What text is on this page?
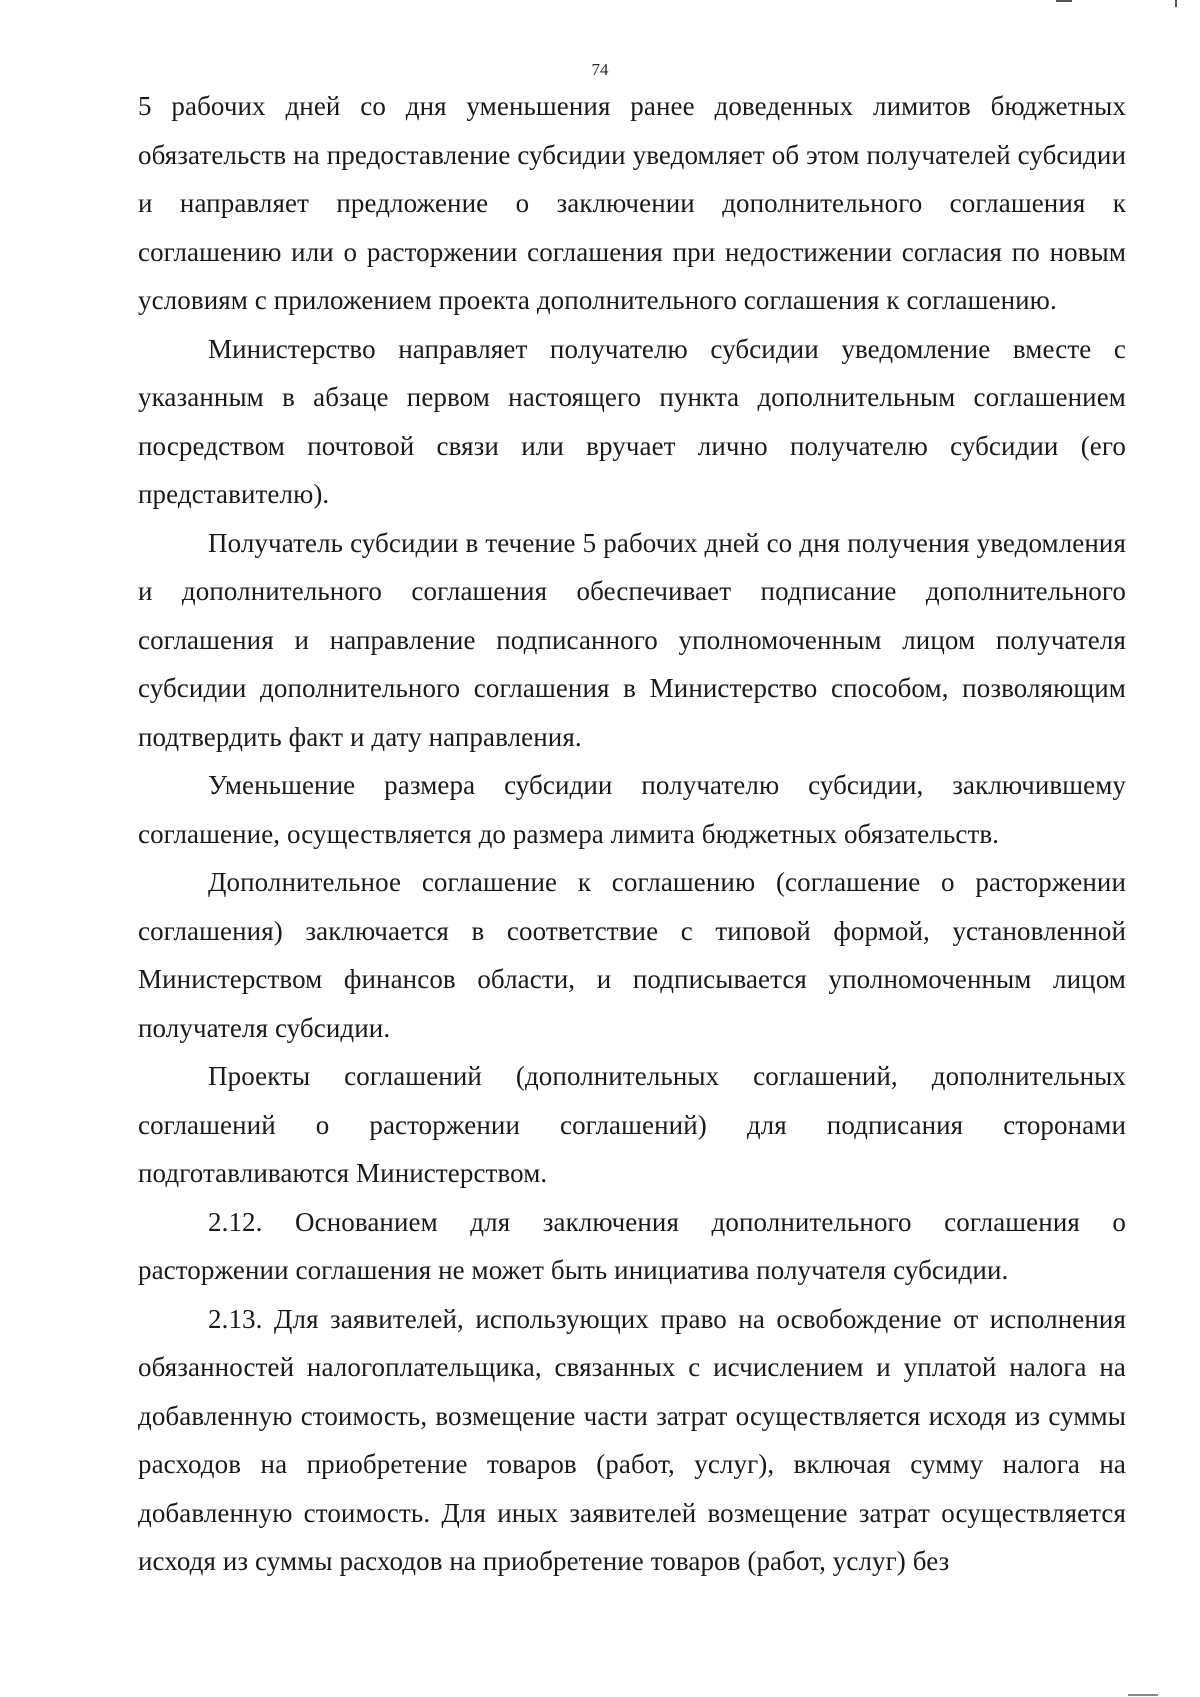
74

5 рабочих дней со дня уменьшения ранее доведенных лимитов бюджетных обязательств на предоставление субсидии уведомляет об этом получателей субсидии и направляет предложение о заключении дополнительного соглашения к соглашению или о расторжении соглашения при недостижении согласия по новым условиям с приложением проекта дополнительного соглашения к соглашению.

Министерство направляет получателю субсидии уведомление вместе с указанным в абзаце первом настоящего пункта дополнительным соглашением посредством почтовой связи или вручает лично получателю субсидии (его представителю).

Получатель субсидии в течение 5 рабочих дней со дня получения уведомления и дополнительного соглашения обеспечивает подписание дополнительного соглашения и направление подписанного уполномоченным лицом получателя субсидии дополнительного соглашения в Министерство способом, позволяющим подтвердить факт и дату направления.

Уменьшение размера субсидии получателю субсидии, заключившему соглашение, осуществляется до размера лимита бюджетных обязательств.

Дополнительное соглашение к соглашению (соглашение о расторжении соглашения) заключается в соответствие с типовой формой, установленной Министерством финансов области, и подписывается уполномоченным лицом получателя субсидии.

Проекты соглашений (дополнительных соглашений, дополнительных соглашений о расторжении соглашений) для подписания сторонами подготавливаются Министерством.

2.12. Основанием для заключения дополнительного соглашения о расторжении соглашения не может быть инициатива получателя субсидии.

2.13. Для заявителей, использующих право на освобождение от исполнения обязанностей налогоплательщика, связанных с исчислением и уплатой налога на добавленную стоимость, возмещение части затрат осуществляется исходя из суммы расходов на приобретение товаров (работ, услуг), включая сумму налога на добавленную стоимость. Для иных заявителей возмещение затрат осуществляется исходя из суммы расходов на приобретение товаров (работ, услуг) без
